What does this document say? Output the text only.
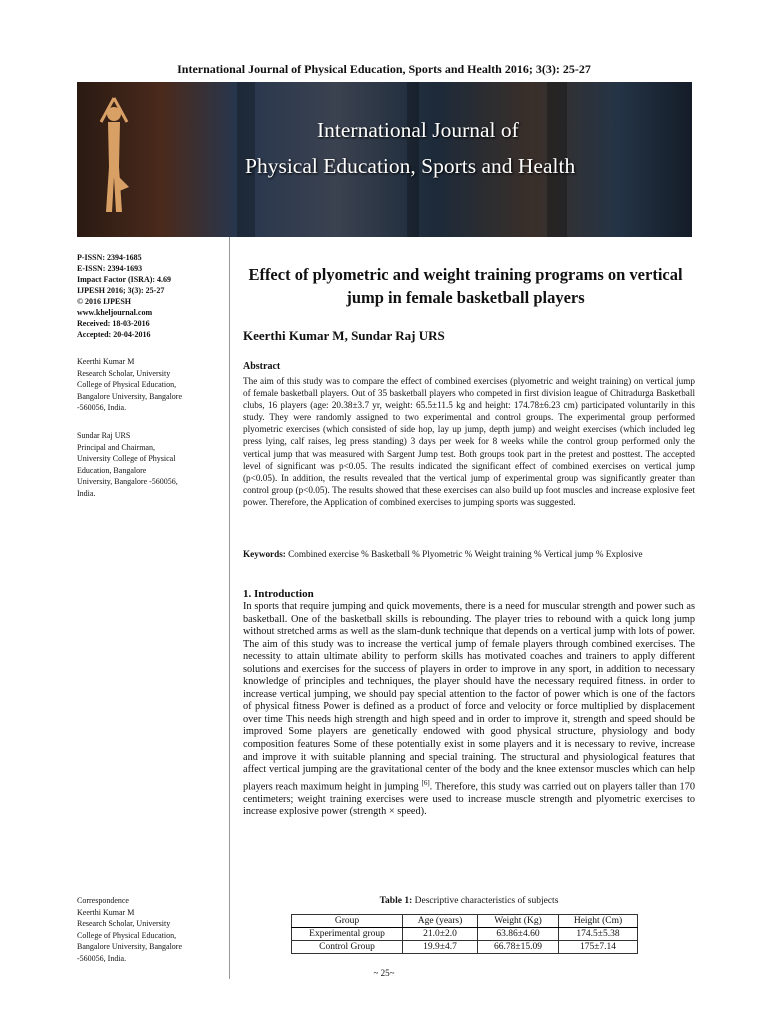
International Journal of Physical Education, Sports and Health 2016; 3(3): 25-27
International Journal of
Physical Education, Sports and Health
P-ISSN: 2394-1685
E-ISSN: 2394-1693
Impact Factor (ISRA): 4.69
IJPESH 2016; 3(3): 25-27
© 2016 IJPESH
www.kheljournal.com
Received: 18-03-2016
Accepted: 20-04-2016
Keerthi Kumar M
Research Scholar, University
College of Physical Education,
Bangalore University, Bangalore
-560056, India.
Sundar Raj URS
Principal and Chairman,
University College of Physical
Education, Bangalore
University, Bangalore -560056,
India.
Correspondence
Keerthi Kumar M
Research Scholar, University
College of Physical Education,
Bangalore University, Bangalore
-560056, India.
Effect of plyometric and weight training programs on vertical jump in female basketball players
Keerthi Kumar M, Sundar Raj URS
Abstract
The aim of this study was to compare the effect of combined exercises (plyometric and weight training) on vertical jump of female basketball players. Out of 35 basketball players who competed in first division league of Chitradurga Basketball clubs, 16 players (age: 20.38±3.7 yr, weight: 65.5±11.5 kg and height: 174.78±6.23 cm) participated voluntarily in this study. They were randomly assigned to two experimental and control groups. The experimental group performed plyometric exercises (which consisted of side hop, lay up jump, depth jump) and weight exercises (which included leg press lying, calf raises, leg press standing) 3 days per week for 8 weeks while the control group performed only the vertical jump that was measured with Sargent Jump test. Both groups took part in the pretest and posttest. The accepted level of significant was p<0.05. The results indicated the significant effect of combined exercises on vertical jump (p<0.05). In addition, the results revealed that the vertical jump of experimental group was significantly greater than control group (p<0.05). The results showed that these exercises can also build up foot muscles and increase explosive feet power. Therefore, the Application of combined exercises to jumping sports was suggested.
Keywords: Combined exercise % Basketball % Plyometric % Weight training % Vertical jump % Explosive
1. Introduction
In sports that require jumping and quick movements, there is a need for muscular strength and power such as basketball. One of the basketball skills is rebounding. The player tries to rebound with a quick long jump without stretched arms as well as the slam-dunk technique that depends on a vertical jump with lots of power. The aim of this study was to increase the vertical jump of female players through combined exercises. The necessity to attain ultimate ability to perform skills has motivated coaches and trainers to apply different solutions and exercises for the success of players in order to improve in any sport, in addition to necessary knowledge of principles and techniques, the player should have the necessary required fitness. in order to increase vertical jumping, we should pay special attention to the factor of power which is one of the factors of physical fitness Power is defined as a product of force and velocity or force multiplied by displacement over time This needs high strength and high speed and in order to improve it, strength and speed should be improved Some players are genetically endowed with good physical structure, physiology and body composition features Some of these potentially exist in some players and it is necessary to revive, increase and improve it with suitable planning and special training. The structural and physiological features that affect vertical jumping are the gravitational center of the body and the knee extensor muscles which can help players reach maximum height in jumping [6]. Therefore, this study was carried out on players taller than 170 centimeters; weight training exercises were used to increase muscle strength and plyometric exercises to increase explosive power (strength × speed).
Table 1: Descriptive characteristics of subjects
Group	Age (years)	Weight (Kg)	Height (Cm)
Experimental group	21.0±2.0	63.86±4.60	174.5±5.38
Control Group	19.9±4.7	66.78±15.09	175±7.14
~ 25~
